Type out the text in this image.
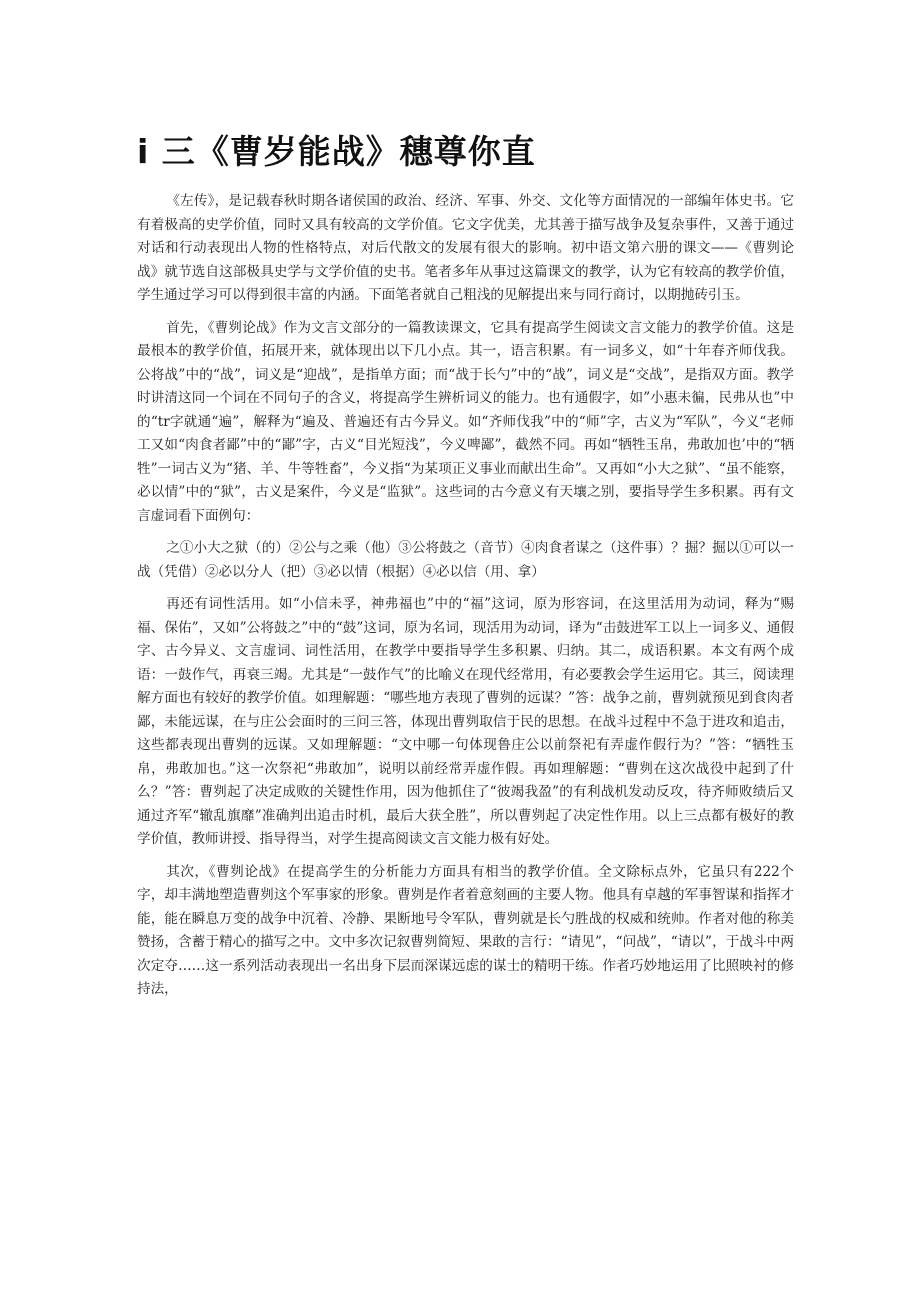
i 三《曹岁能战》穗尊你直

《左传》，是记载春秋时期各诸侯国的政治、经济、军事、外交、文化等方面情况的一部编年体史书。它有着极高的史学价值，同时又具有较高的文学价值。它文字优美，尤其善于描写战争及复杂事件，又善于通过对话和行动表现出人物的性格特点，对后代散文的发展有很大的影响。初中语文第六册的课文——《曹刿论战》就节选自这部极具史学与文学价值的史书。笔者多年从事过这篇课文的教学，认为它有较高的教学价值，学生通过学习可以得到很丰富的内涵。下面笔者就自己粗浅的见解提出来与同行商讨，以期抛砖引玉。

首先，《曹刿论战》作为文言文部分的一篇教读课文，它具有提高学生阅读文言文能力的教学价值。这是最根本的教学价值，拓展开来，就体现出以下几小点。其一，语言积累。有一词多义，如“十年春齐师伐我。公将战”中的“战”，词义是“迎战”，是指单方面；而“战于长勺”中的“战”，词义是“交战”，是指双方面。教学时讲清这同一个词在不同句子的含义，将提高学生辨析词义的能力。也有通假字，如”小惠未徧，民弗从也”中的“tr字就通“遍”，解释为“遍及、普遍还有古今异义。如“齐师伐我”中的“师”字，古义为“军队”，今义“老师工又如“肉食者鄙”中的“鄙”字，古义“目光短浅”，今义啤鄙”，截然不同。再如“牺牲玉帛，弗敢加也’中的“牺牲”一词古义为“猪、羊、牛等牲畜”，今义指“为某项正义事业而献出生命”。又再如“小大之狱”、“虽不能察，必以情”中的“狱”，古义是案件，今义是“监狱”。这些词的古今意义有天壤之别，要指导学生多积累。再有文言虚词看下面例句：

之①小大之狱（的）②公与之乘（他）③公将鼓之（音节）④肉食者谋之（这件事）？掘？掘以①可以一战（凭借）②必以分人（把）③必以情（根据）④必以信（用、拿）

再还有词性活用。如“小信未孚，神弗福也”中的“福”这词，原为形容词，在这里活用为动词，释为“赐福、保佑”，又如”公将鼓之”中的“鼓”这词，原为名词，现活用为动词，译为“击鼓进军工以上一词多义、通假字、古今异义、文言虚词、词性活用，在教学中要指导学生多积累、归纳。其二，成语积累。本文有两个成语：一鼓作气，再衰三竭。尤其是“一鼓作气”的比喻义在现代经常用，有必要教会学生运用它。其三，阅读理解方面也有较好的教学价值。如理解题：“哪些地方表现了曹刿的远谋？”答：战争之前，曹刿就预见到食肉者鄙，未能远谋，在与庄公会面时的三问三答，体现出曹刿取信于民的思想。在战斗过程中不急于进攻和追击，这些都表现出曹刿的远谋。又如理解题：“文中哪一句体现鲁庄公以前祭祀有弄虚作假行为？”答：“牺牲玉帛，弗敢加也。”这一次祭祀“弗敢加”，说明以前经常弄虚作假。再如理解题：“曹刿在这次战役中起到了什么？”答：曹刿起了决定成败的关键性作用，因为他抓住了“彼竭我盈”的有利战机发动反攻，待齐师败绩后又通过齐军“辙乱旗靡”准确判出追击时机，最后大获全胜”，所以曹刿起了决定性作用。以上三点都有极好的教学价值，教师讲授、指导得当，对学生提高阅读文言文能力极有好处。

其次，《曹刿论战》在提高学生的分析能力方面具有相当的教学价值。全文除标点外，它虽只有222个字，却丰满地塑造曹刿这个军事家的形象。曹刿是作者着意刻画的主要人物。他具有卓越的军事智谋和指挥才能，能在瞬息万变的战争中沉着、冷静、果断地号令军队，曹刿就是长勺胜战的权威和统帅。作者对他的称美赞扬，含蓄于精心的描写之中。文中多次记叙曹刿简短、果敢的言行：“请见”，“问战”，“请以”，于战斗中两次定夺……这一系列活动表现出一名出身下层而深谋远虑的谋士的精明干练。作者巧妙地运用了比照映衬的修持法，
